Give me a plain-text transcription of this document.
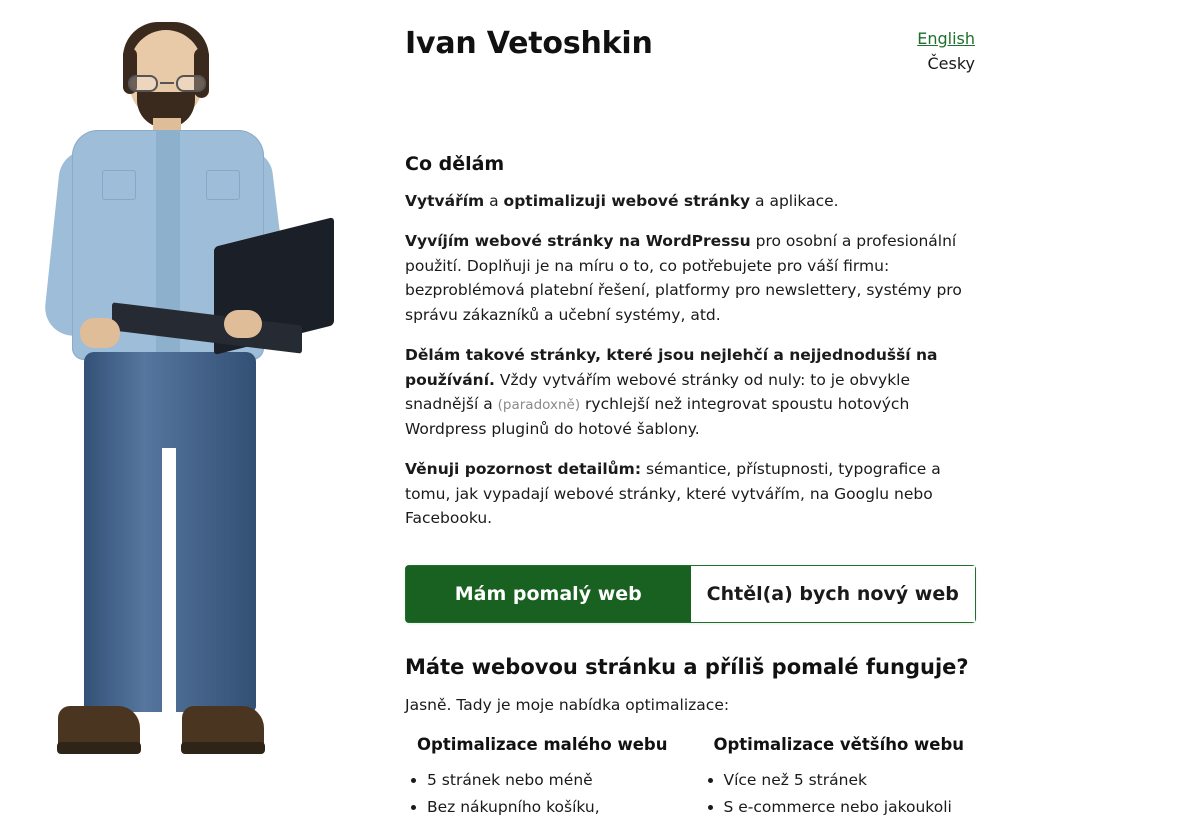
Ivan Vetoshkin	English
Česky
Co dělám

Vytvářím a optimalizuji webové stránky a aplikace.

Vyvíjím webové stránky na WordPressu pro osobní a profesionální použití. Doplňuji je na míru o to, co potřebujete pro váší firmu: bezproblémová platební řešení, platformy pro newslettery, systémy pro správu zákazníků a učební systémy, atd.

Dělám takové stránky, které jsou nejlehčí a nejjednodušší na používání. Vždy vytvářím webové stránky od nuly: to je obvykle snadnější a (paradoxně) rychlejší než integrovat spoustu hotových Wordpress pluginů do hotové šablony.

Věnuji pozornost detailům: sémantice, přístupnosti, typografice a tomu, jak vypadají webové stránky, které vytvářím, na Googlu nebo Facebooku.

Mám pomalý web	Chtěl(a) bych nový web
Máte webovou stránku a příliš pomalé funguje?

Jasně. Tady je moje nabídka optimalizace:

Optimalizace malého webu
• 5 stránek nebo méně
• Bez nákupního košíku,
Optimalizace většího webu
• Více než 5 stránek
• S e-commerce nebo jakoukoli
